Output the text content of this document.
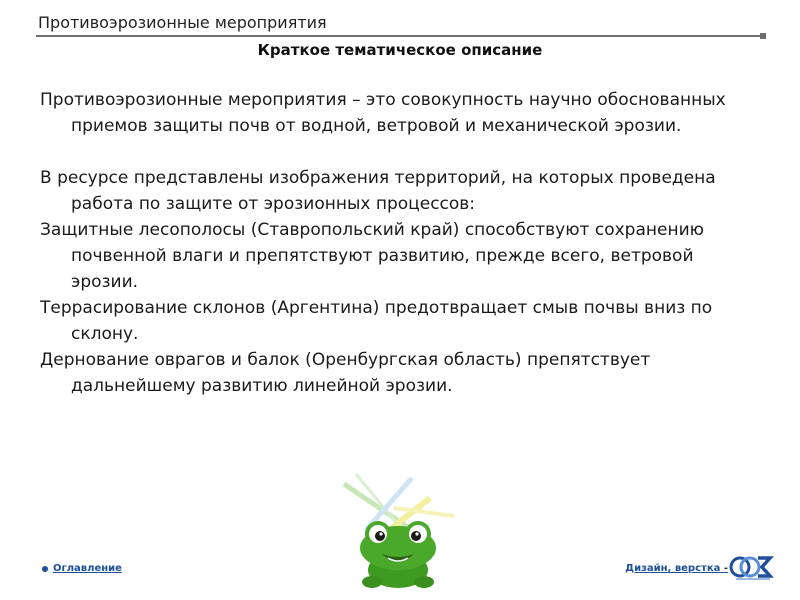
Противоэрозионные мероприятия
Краткое тематическое описание

Противоэрозионные мероприятия – это совокупность научно обоснованных приемов защиты почв от водной, ветровой и механической эрозии.

В ресурсе представлены изображения территорий, на которых проведена работа по защите от эрозионных процессов:

Защитные лесополосы (Ставропольский край) способствуют сохранению почвенной влаги и препятствуют развитию, прежде всего, ветровой эрозии.

Террасирование склонов (Аргентина) предотвращает смыв почвы вниз по склону.

Дернование оврагов и балок (Оренбургская область) препятствует дальнейшему развитию линейной эрозии.

Оглавление	Дизайн, верстка -
